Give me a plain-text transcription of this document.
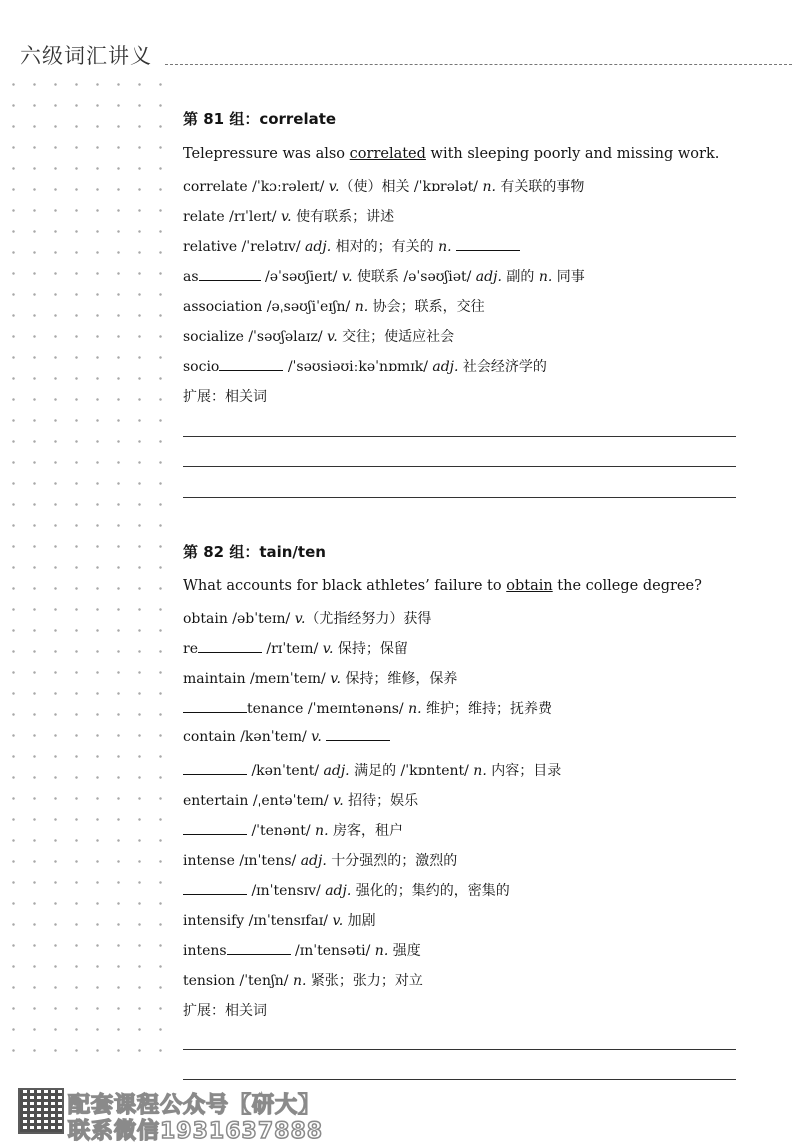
六级词汇讲义
第 81 组：correlate
Telepressure was also correlated with sleeping poorly and missing work.
correlate /ˈkɔːrəleɪt/ v.（使）相关 /ˈkɒrələt/ n. 有关联的事物
relate /rɪˈleɪt/ v. 使有联系；讲述
relative /ˈrelətɪv/ adj. 相对的；有关的 n.
as	/əˈsəʊʃieɪt/ v. 使联系 /əˈsəʊʃiət/ adj. 副的 n. 同事
association /əˌsəʊʃiˈeɪʃn/ n. 协会；联系，交往
socialize /ˈsəʊʃəlaɪz/ v. 交往；使适应社会
socio	/ˈsəʊsiəʊiːkəˈnɒmɪk/ adj. 社会经济学的
扩展：相关词
第 82 组：tain/ten
What accounts for black athletes’ failure to obtain the college degree?
obtain /əbˈteɪn/ v.（尤指经努力）获得
re	/rɪˈteɪn/ v. 保持；保留
maintain /meɪnˈteɪn/ v. 保持；维修，保养
tenance /ˈmeɪntənəns/ n. 维护；维持；抚养费
contain /kənˈteɪn/ v.
/kənˈtent/ adj. 满足的 /ˈkɒntent/ n. 内容；目录
entertain /ˌentəˈteɪn/ v. 招待；娱乐
/ˈtenənt/ n. 房客，租户
intense /ɪnˈtens/ adj. 十分强烈的；激烈的
/ɪnˈtensɪv/ adj. 强化的；集约的，密集的
intensify /ɪnˈtensɪfaɪ/ v. 加剧
intens	/ɪnˈtensəti/ n. 强度
tension /ˈtenʃn/ n. 紧张；张力；对立
扩展：相关词
配套课程公众号【研大】
联系微信1931637888
